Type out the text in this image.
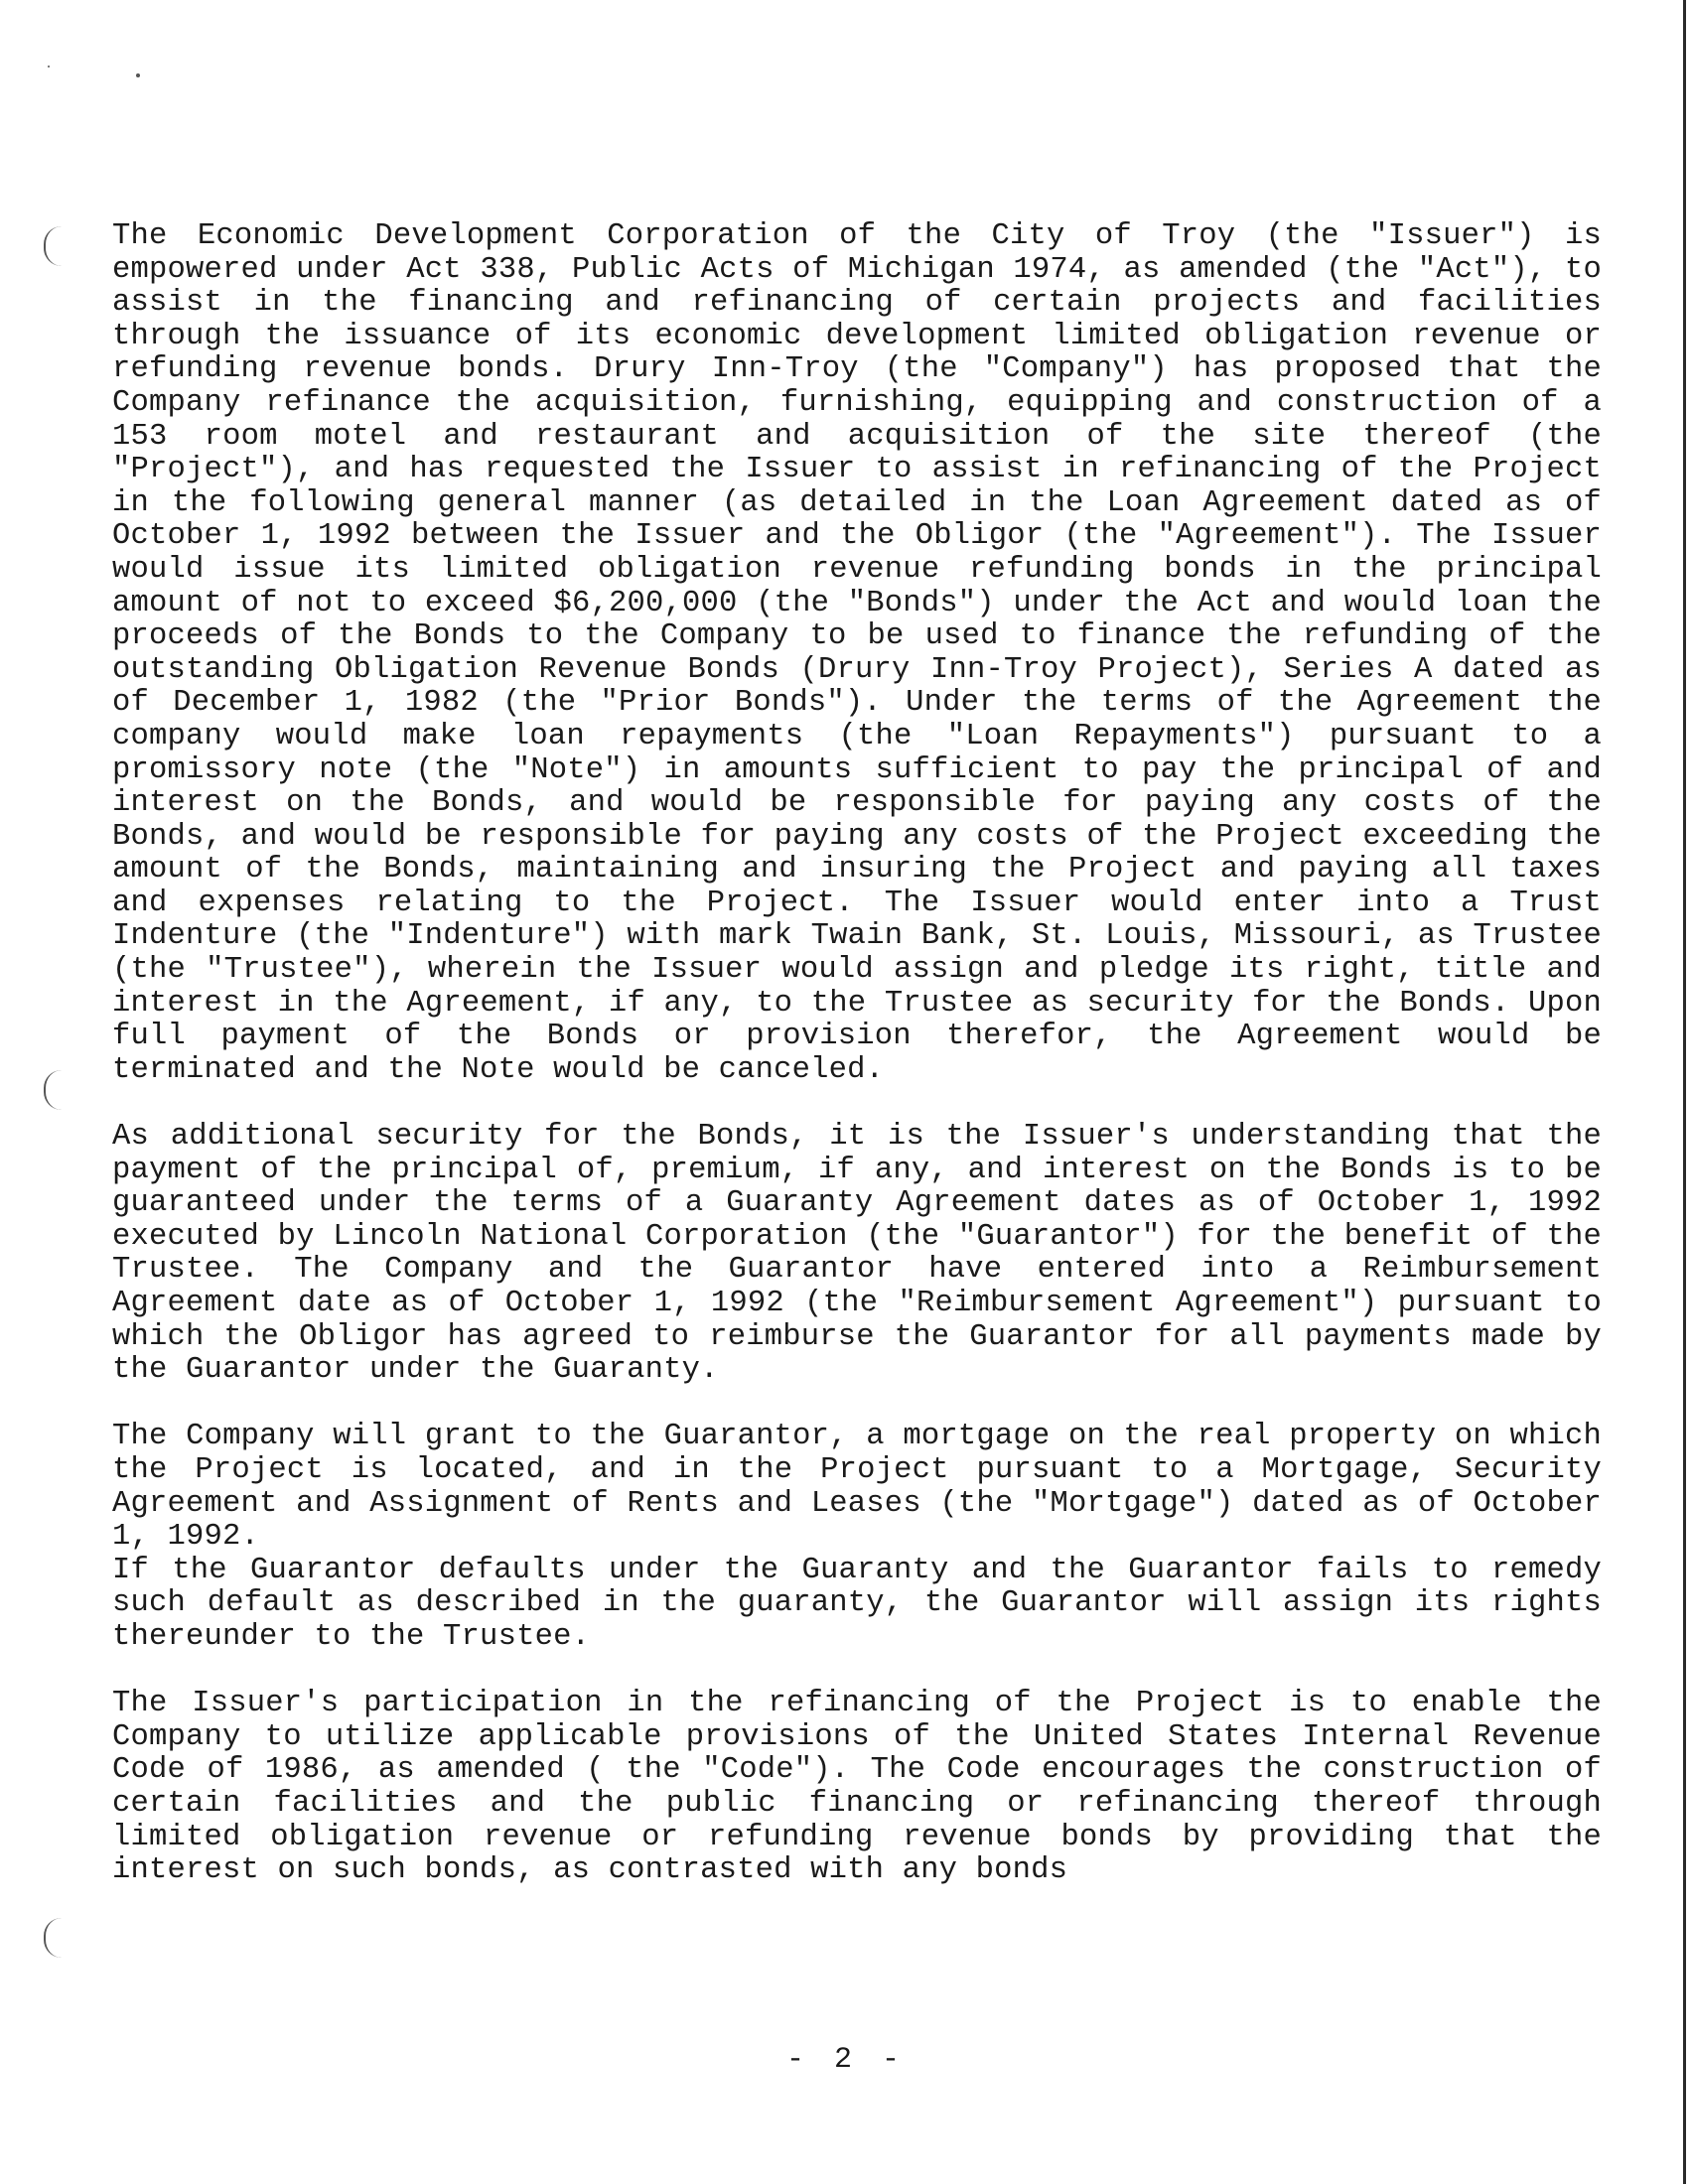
The Economic Development Corporation of the City of Troy (the "Issuer") is empowered under Act 338, Public Acts of Michigan 1974, as amended (the "Act"), to assist in the financing and refinancing of certain projects and facilities through the issuance of its economic development limited obligation revenue or refunding revenue bonds. Drury Inn-Troy (the "Company") has proposed that the Company refinance the acquisition, furnishing, equipping and construction of a 153 room motel and restaurant and acquisition of the site thereof (the "Project"), and has requested the Issuer to assist in refinancing of the Project in the following general manner (as detailed in the Loan Agreement dated as of October 1, 1992 between the Issuer and the Obligor (the "Agreement"). The Issuer would issue its limited obligation revenue refunding bonds in the principal amount of not to exceed $6,200,000 (the "Bonds") under the Act and would loan the proceeds of the Bonds to the Company to be used to finance the refunding of the outstanding Obligation Revenue Bonds (Drury Inn-Troy Project), Series A dated as of December 1, 1982 (the "Prior Bonds"). Under the terms of the Agreement the company would make loan repayments (the "Loan Repayments") pursuant to a promissory note (the "Note") in amounts sufficient to pay the principal of and interest on the Bonds, and would be responsible for paying any costs of the Bonds, and would be responsible for paying any costs of the Project exceeding the amount of the Bonds, maintaining and insuring the Project and paying all taxes and expenses relating to the Project. The Issuer would enter into a Trust Indenture (the "Indenture") with mark Twain Bank, St. Louis, Missouri, as Trustee (the "Trustee"), wherein the Issuer would assign and pledge its right, title and interest in the Agreement, if any, to the Trustee as security for the Bonds. Upon full payment of the Bonds or provision therefor, the Agreement would be terminated and the Note would be canceled.

As additional security for the Bonds, it is the Issuer's understanding that the payment of the principal of, premium, if any, and interest on the Bonds is to be guaranteed under the terms of a Guaranty Agreement dates as of October 1, 1992 executed by Lincoln National Corporation (the "Guarantor") for the benefit of the Trustee. The Company and the Guarantor have entered into a Reimbursement Agreement date as of October 1, 1992 (the "Reimbursement Agreement") pursuant to which the Obligor has agreed to reimburse the Guarantor for all payments made by the Guarantor under the Guaranty.

The Company will grant to the Guarantor, a mortgage on the real property on which the Project is located, and in the Project pursuant to a Mortgage, Security Agreement and Assignment of Rents and Leases (the "Mortgage") dated as of October 1, 1992.

If the Guarantor defaults under the Guaranty and the Guarantor fails to remedy such default as described in the guaranty, the Guarantor will assign its rights thereunder to the Trustee.

The Issuer's participation in the refinancing of the Project is to enable the Company to utilize applicable provisions of the United States Internal Revenue Code of 1986, as amended ( the "Code"). The Code encourages the construction of certain facilities and the public financing or refinancing thereof through limited obligation revenue or refunding revenue bonds by providing that the interest on such bonds, as contrasted with any bonds

- 2 -
